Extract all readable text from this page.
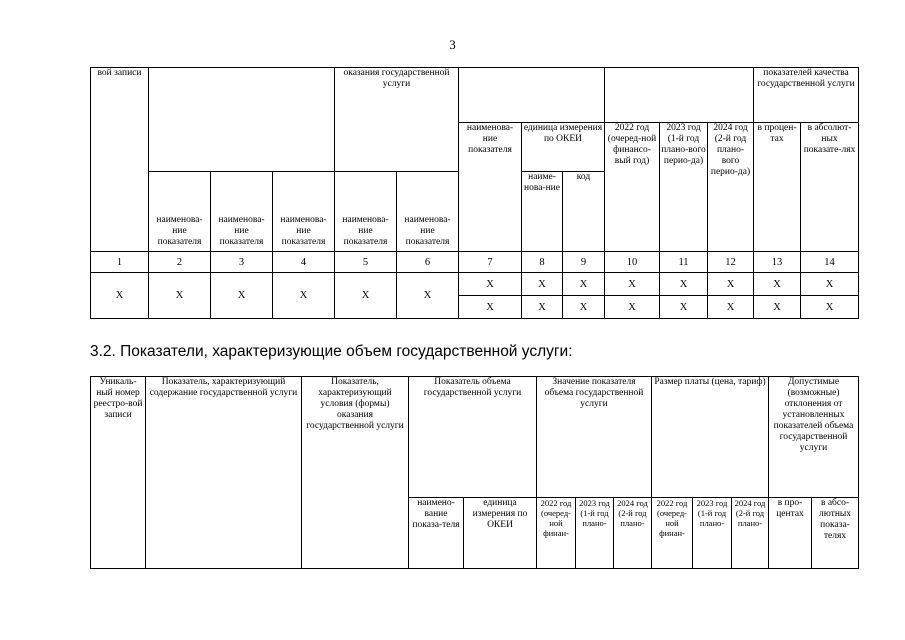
3
вой записи				оказания государственной услуги								показателей качества государственной услуги	
						наименова-ние показателя	единица измерения по ОКЕИ		2022 год (очеред-ной финансо-вый год)	2023 год (1-й год плано-вого перио-да)	2024 год (2-й год плано-вого перио-да)	в процен-тах	в абсолют-ных показате-лях
	наименова-ние показателя	наименова-ние показателя	наименова-ние показателя	наименова-ние показателя	наименова-ние показателя		наиме-нова-ние	код					
1	2	3	4	5	6	7	8	9	10	11	12	13	14
Х	Х	Х	Х	Х	Х	Х	Х	Х	Х	Х	Х	Х	Х
						Х	Х	Х	Х	Х	Х	Х	Х
3.2. Показатели, характеризующие объем государственной услуги:
Уникаль-ный номер реестро-вой записи	Показатель, характеризующий содержание государственной услуги	Показатель, характеризующий условия (формы) оказания государственной услуги	Показатель объема государственной услуги		Значение показателя объема государственной услуги			Размер платы (цена, тариф)			Допустимые (возможные) отклонения от установленных показателей объема государственной услуги	
			наимено-вание показа-теля	единица измерения по ОКЕИ	2022 год (очеред-ной финан-	2023 год (1-й год плано-	2024 год (2-й год плано-	2022 год (очеред-ной финан-	2023 год (1-й год плано-	2024 год (2-й год плано-	в про-центах	в абсо-лютных показа-телях
